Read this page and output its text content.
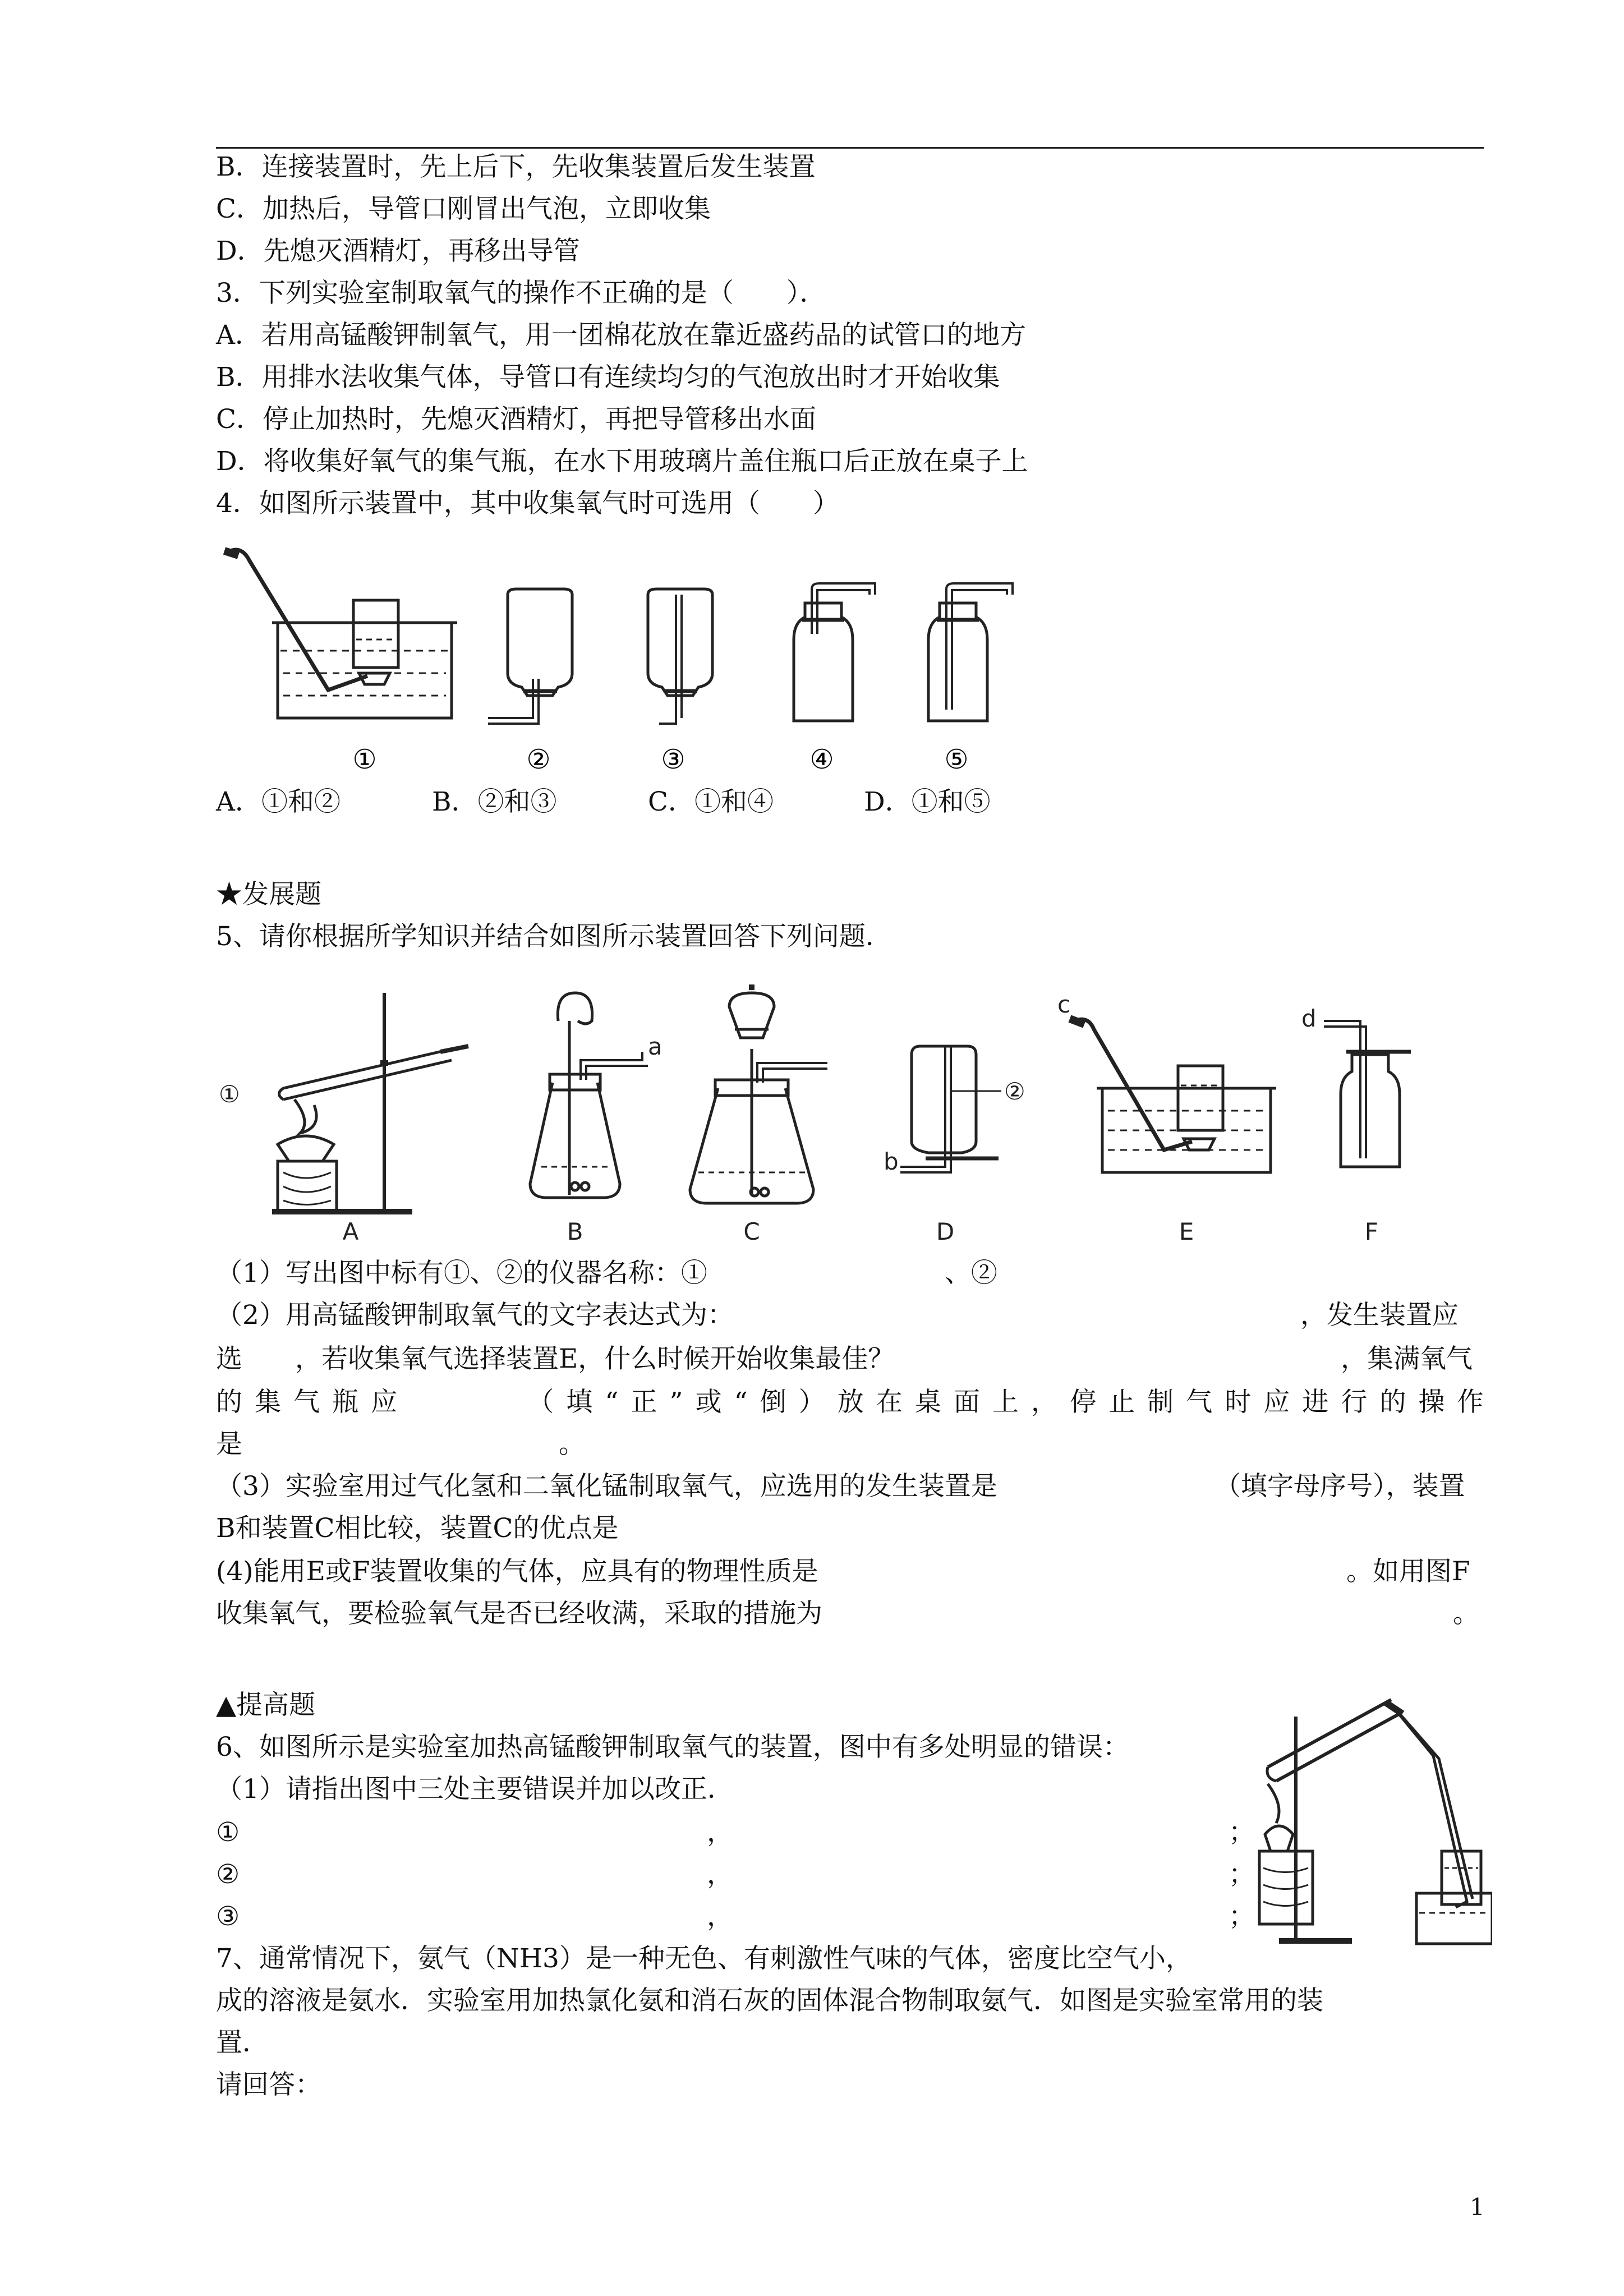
B．连接装置时，先上后下，先收集装置后发生装置
C．加热后，导管口刚冒出气泡，立即收集
D．先熄灭酒精灯，再移出导管
3．下列实验室制取氧气的操作不正确的是（　　）．
A．若用高锰酸钾制氧气，用一团棉花放在靠近盛药品的试管口的地方
B．用排水法收集气体，导管口有连续均匀的气泡放出时才开始收集
C．停止加热时，先熄灭酒精灯，再把导管移出水面
D．将收集好氧气的集气瓶，在水下用玻璃片盖住瓶口后正放在桌子上
4．如图所示装置中，其中收集氧气时可选用（　　）
①	②	③	④	⑤
A．①和②	B．②和③	C．①和④	D．①和⑤
★发展题
5、请你根据所学知识并结合如图所示装置回答下列问题．
①	②
a
b
c
d
A	B	C	D	E	F
（1）写出图中标有①、②的仪器名称：①　　　　　　　　　、②
（2）用高锰酸钾制取氧气的文字表达式为：	，发生装置应
选　　，若收集氧气选择装置E，什么时候开始收集最佳？	，集满氧气
的 集 气 瓶 应
　　　　	（ 填 “ 正 ” 或 “ 倒 ） 放 在 桌 面 上 ， 停 止 制 气 时 应 进 行 的 操 作
是　　　　　　　　　　　　。
（3）实验室用过气化氢和二氧化锰制取氧气，应选用的发生装置是	（填字母序号），装置
B和装置C相比较，装置C的优点是
(4)能用E或F装置收集的气体，应具有的物理性质是	。如用图F
收集氧气，要检验氧气是否已经收满，采取的措施为	。
▲提高题
6、如图所示是实验室加热高锰酸钾制取氧气的装置，图中有多处明显的错误：
（1）请指出图中三处主要错误并加以改正．
①	，	；
②	，	；
③	，	；
7、通常情况下，氨气（NH3）是一种无色、有刺激性气味的气体，密度比空气小，
成的溶液是氨水．实验室用加热氯化氨和消石灰的固体混合物制取氨气．如图是实验室常用的装
置．
请回答：
1
